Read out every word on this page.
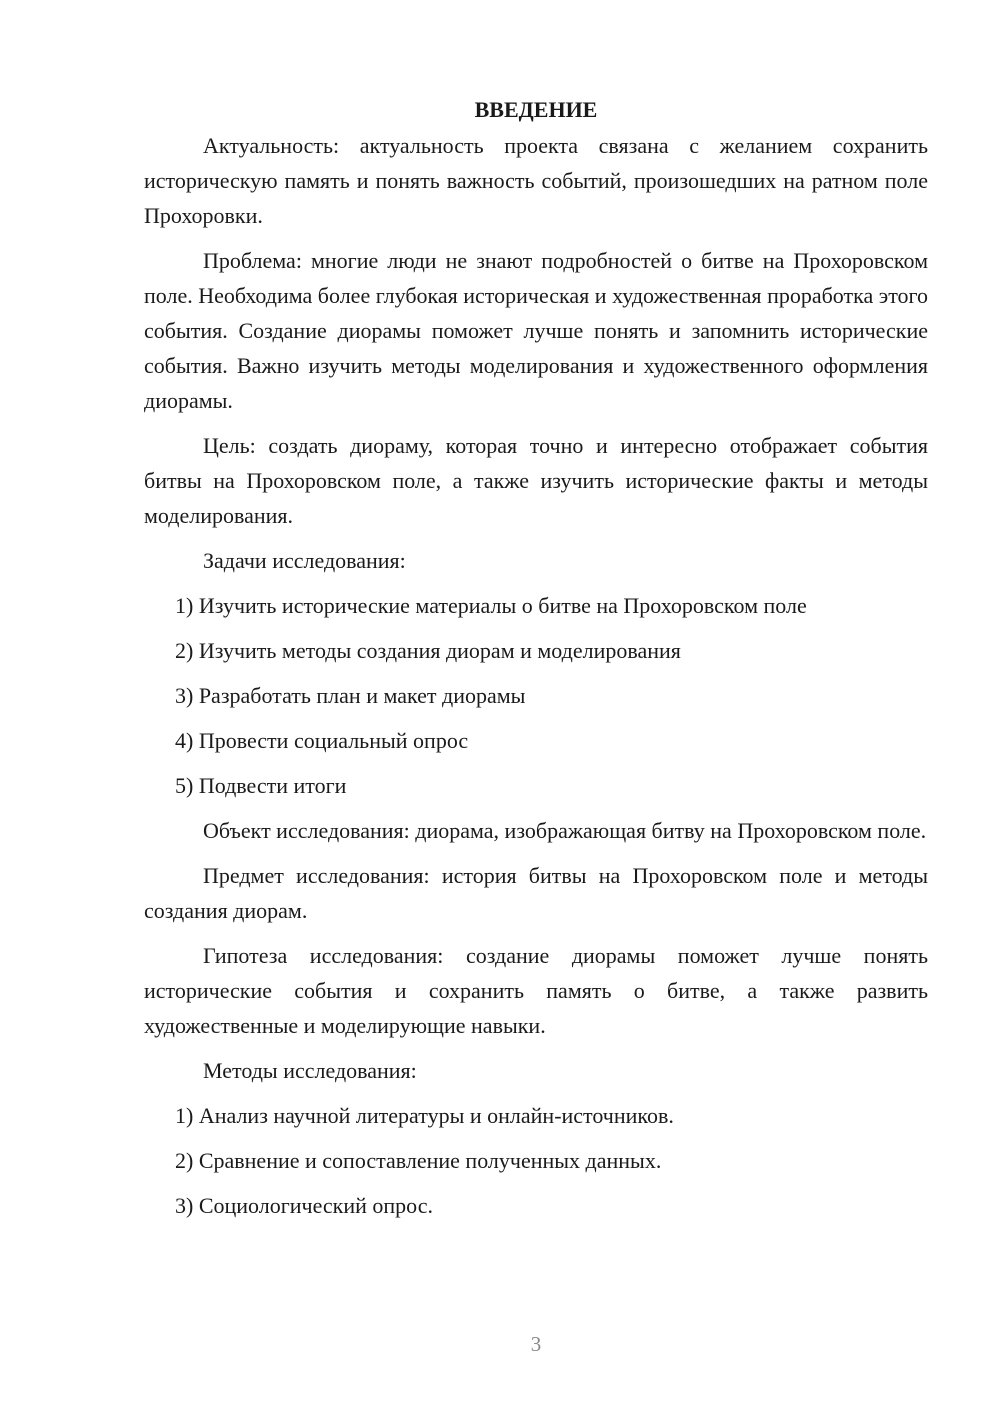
ВВЕДЕНИЕ

Актуальность: актуальность проекта связана с желанием сохранить историческую память и понять важность событий, произошедших на ратном поле Прохоровки.

Проблема: многие люди не знают подробностей о битве на Прохоровском поле. Необходима более глубокая историческая и художественная проработка этого события. Создание диорамы поможет лучше понять и запомнить исторические события. Важно изучить методы моделирования и художественного оформления диорамы.

Цель: создать диораму, которая точно и интересно отображает события битвы на Прохоровском поле, а также изучить исторические факты и методы моделирования.

Задачи исследования:

1) Изучить исторические материалы о битве на Прохоровском поле
2) Изучить методы создания диорам и моделирования
3) Разработать план и макет диорамы
4) Провести социальный опрос
5) Подвести итоги

Объект исследования: диорама, изображающая битву на Прохоровском поле.

Предмет исследования: история битвы на Прохоровском поле и методы создания диорам.

Гипотеза исследования: создание диорамы поможет лучше понять исторические события и сохранить память о битве, а также развить художественные и моделирующие навыки.

Методы исследования:

1) Анализ научной литературы и онлайн-источников.
2) Сравнение и сопоставление полученных данных.
3) Социологический опрос.
3
